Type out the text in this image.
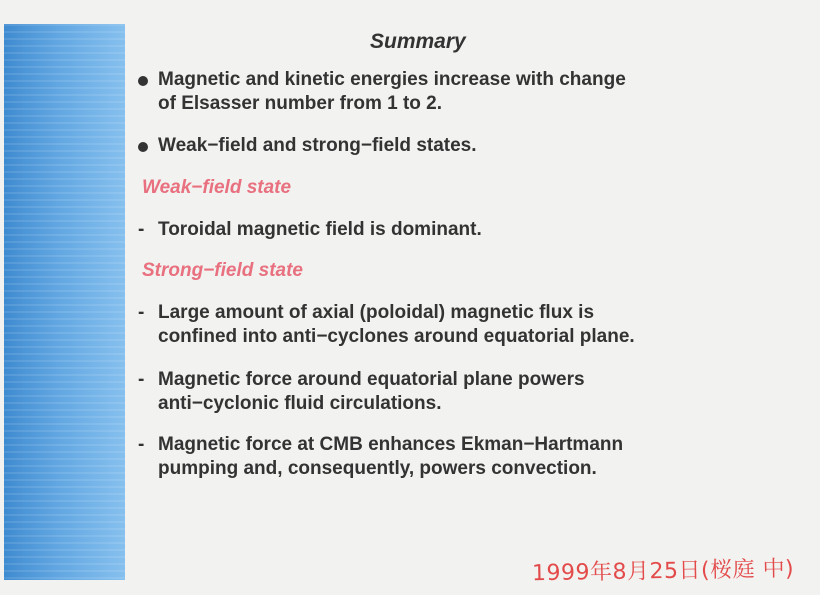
Summary
Magnetic and kinetic energies increase with change
of Elsasser number from 1 to 2.
Weak−field and strong−field states.
Weak−field state
- Toroidal magnetic field is dominant.
Strong−field state
- Large amount of axial (poloidal) magnetic flux is
confined into anti−cyclones around equatorial plane.
- Magnetic force around equatorial plane powers
anti−cyclonic fluid circulations.
- Magnetic force at CMB enhances Ekman−Hartmann
pumping and, consequently, powers convection.
1999年8月25日(桜庭 中)
